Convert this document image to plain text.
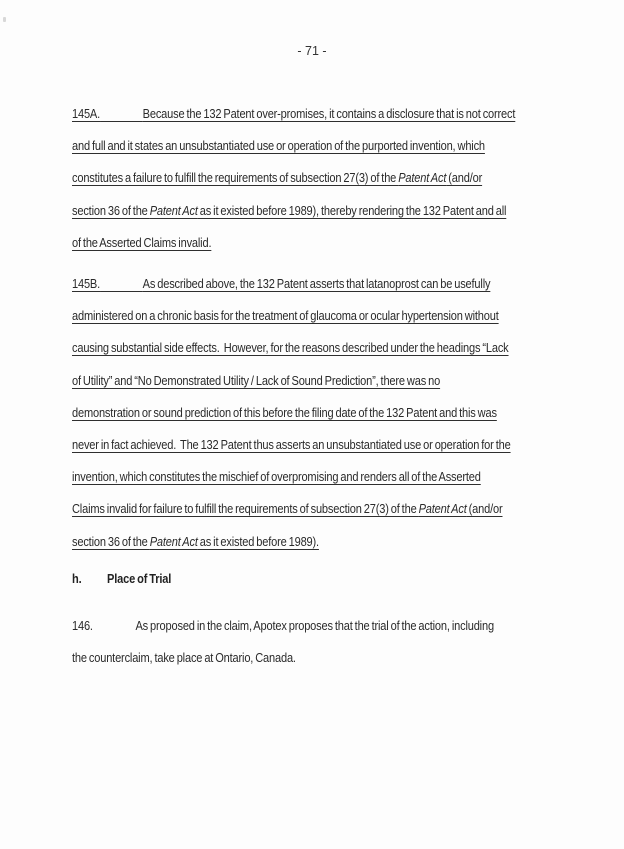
- 71 -
145A.	Because the 132 Patent over-promises, it contains a disclosure that is not correct
and full and it states an unsubstantiated use or operation of the purported invention, which
constitutes a failure to fulfill the requirements of subsection 27(3) of the Patent Act (and/or
section 36 of the Patent Act as it existed before 1989), thereby rendering the 132 Patent and all
of the Asserted Claims invalid.
145B.	As described above, the 132 Patent asserts that latanoprost can be usefully
administered on a chronic basis for the treatment of glaucoma or ocular hypertension without
causing substantial side effects.  However, for the reasons described under the headings “Lack
of Utility” and “No Demonstrated Utility / Lack of Sound Prediction”, there was no
demonstration or sound prediction of this before the filing date of the 132 Patent and this was
never in fact achieved.  The 132 Patent thus asserts an unsubstantiated use or operation for the
invention, which constitutes the mischief of overpromising and renders all of the Asserted
Claims invalid for failure to fulfill the requirements of subsection 27(3) of the Patent Act (and/or
section 36 of the Patent Act as it existed before 1989).
h. Place of Trial
146.	As proposed in the claim, Apotex proposes that the trial of the action, including
the counterclaim, take place at Ontario, Canada.
